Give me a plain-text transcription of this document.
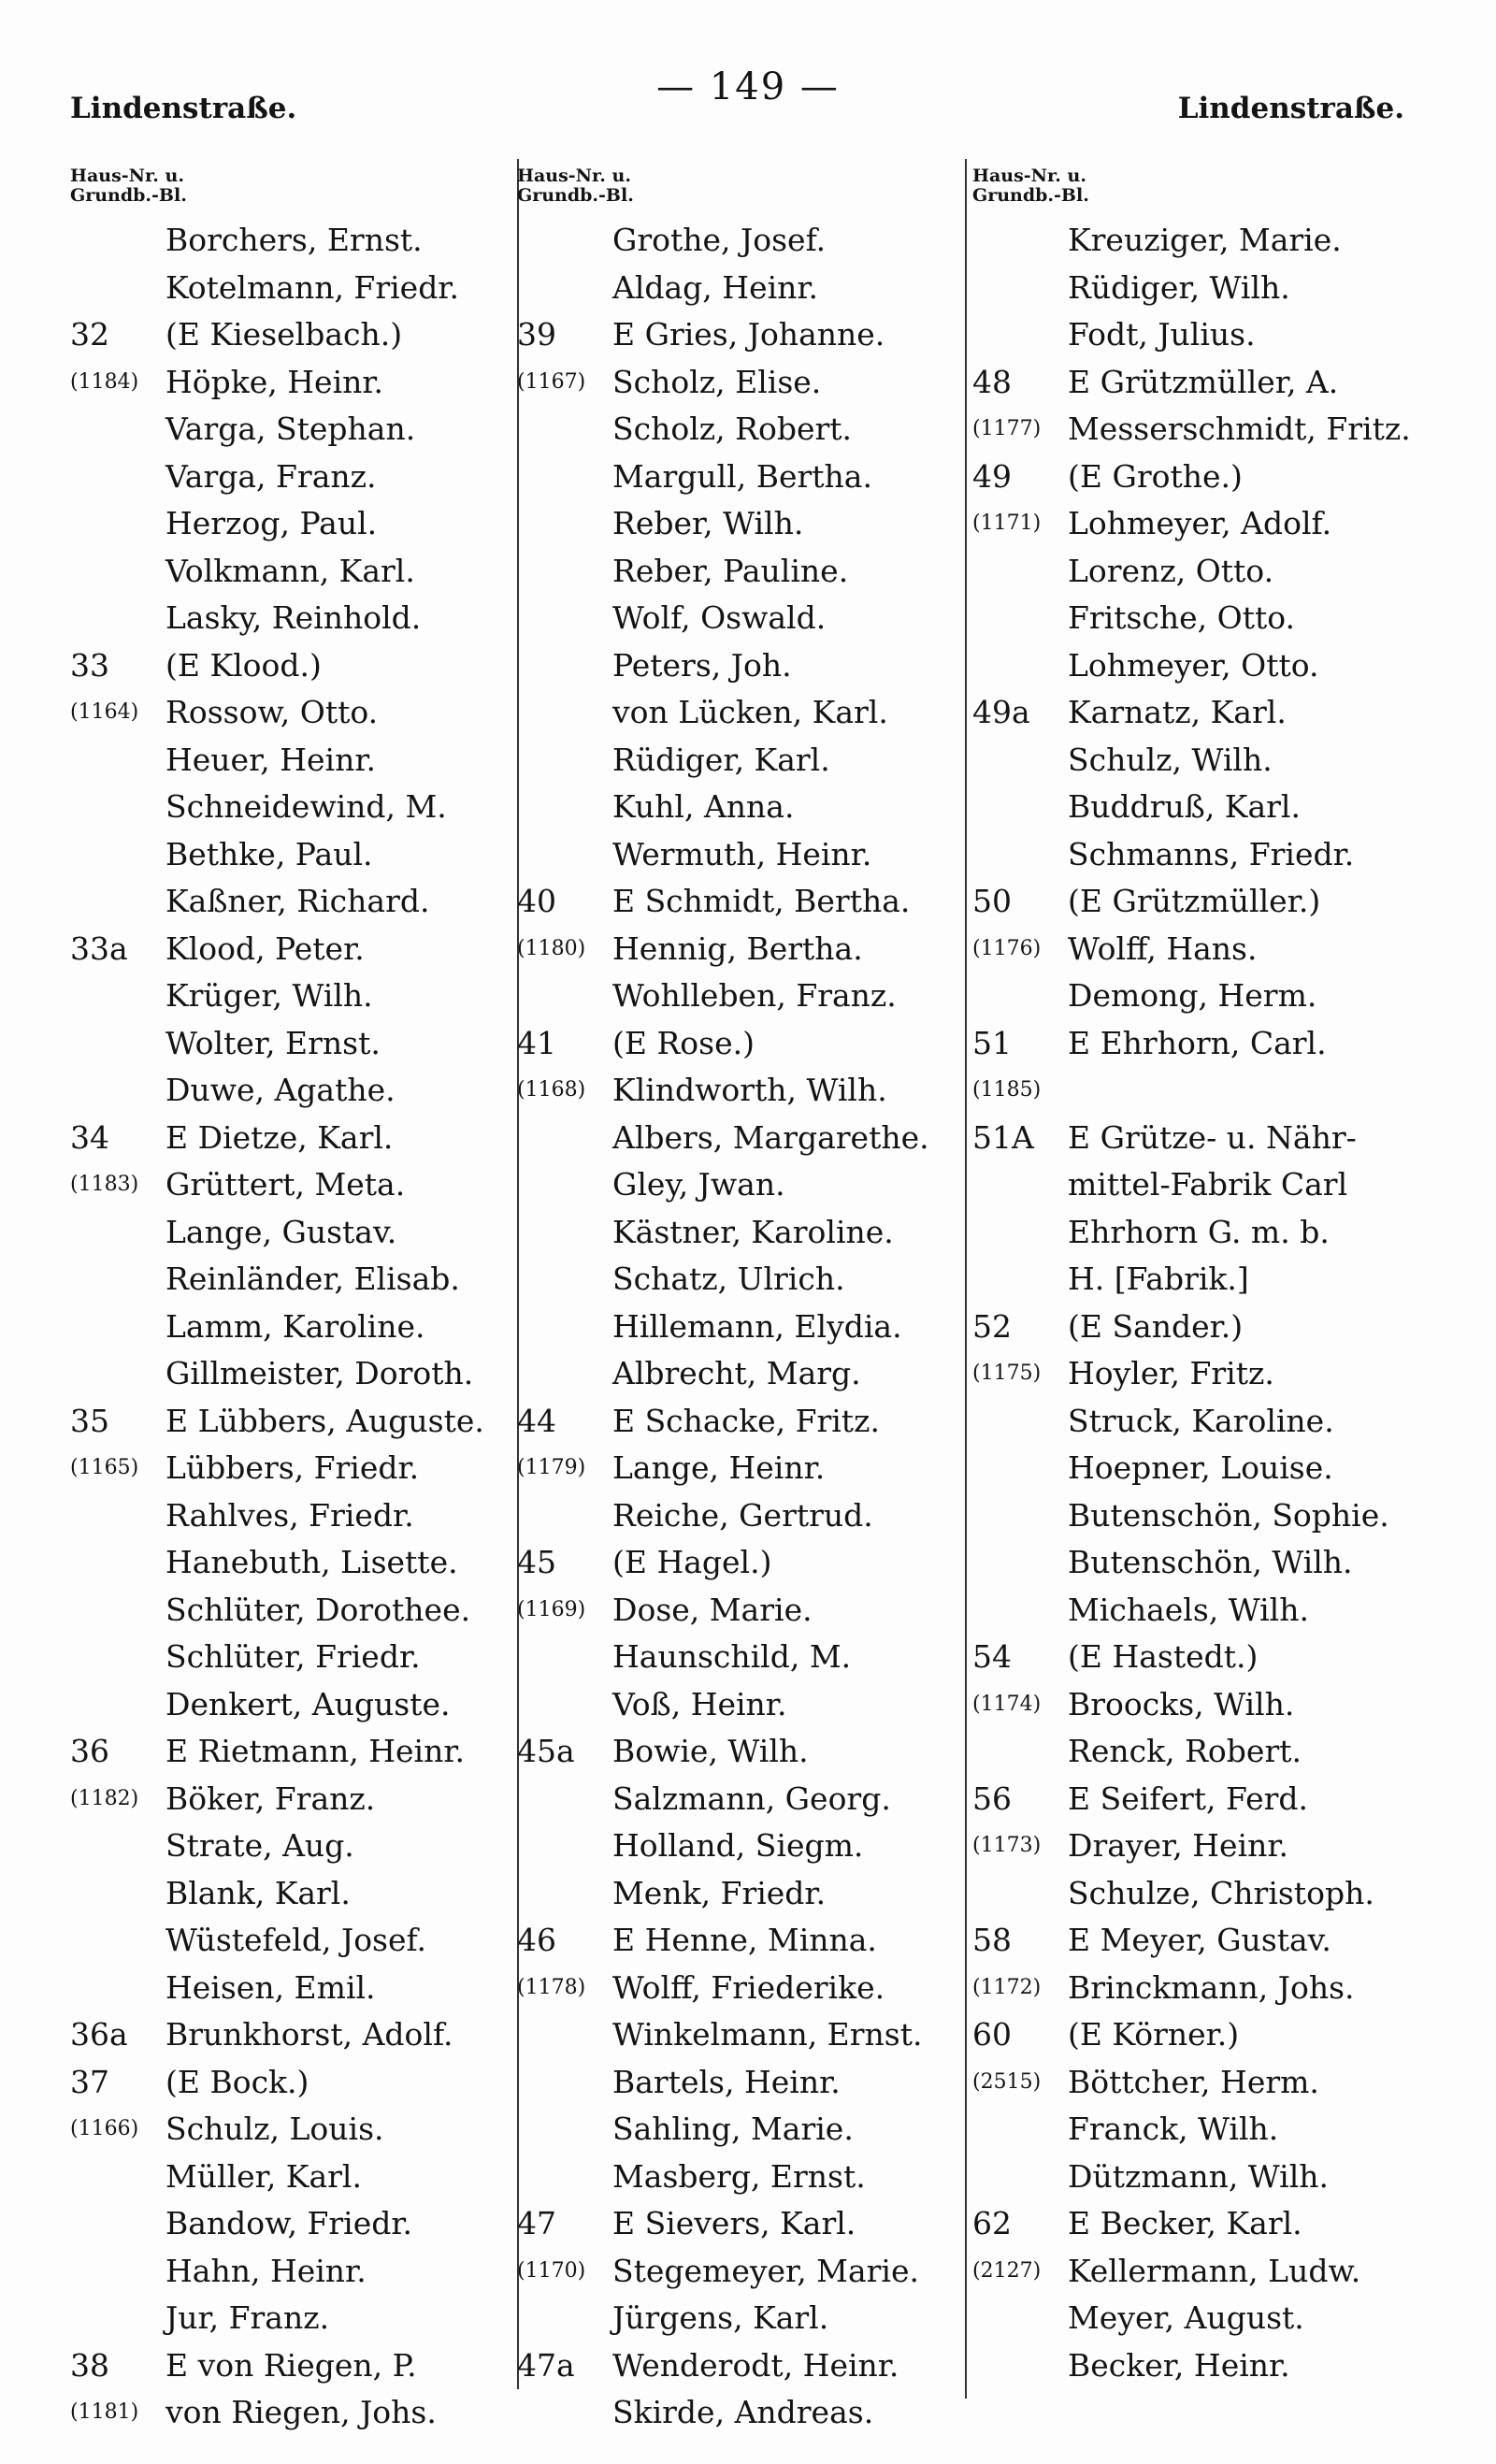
Lindenstraße.	— 149 —	Lindenstraße.
Haus-Nr. u.
Grundb.-Bl.
Borchers, Ernst.
Kotelmann, Friedr.
32 (E Kieselbach.)
(1184) Höpke, Heinr.
Varga, Stephan.
Varga, Franz.
Herzog, Paul.
Volkmann, Karl.
Lasky, Reinhold.
33 (E Klood.)
(1164) Rossow, Otto.
Heuer, Heinr.
Schneidewind, M.
Bethke, Paul.
Kaßner, Richard.
33a Klood, Peter.
Krüger, Wilh.
Wolter, Ernst.
Duwe, Agathe.
34 E Dietze, Karl.
(1183) Grüttert, Meta.
Lange, Gustav.
Reinländer, Elisab.
Lamm, Karoline.
Gillmeister, Doroth.
35 E Lübbers, Auguste.
(1165) Lübbers, Friedr.
Rahlves, Friedr.
Hanebuth, Lisette.
Schlüter, Dorothee.
Schlüter, Friedr.
Denkert, Auguste.
36 E Rietmann, Heinr.
(1182) Böker, Franz.
Strate, Aug.
Blank, Karl.
Wüstefeld, Josef.
Heisen, Emil.
36a Brunkhorst, Adolf.
37 (E Bock.)
(1166) Schulz, Louis.
Müller, Karl.
Bandow, Friedr.
Hahn, Heinr.
Jur, Franz.
38 E von Riegen, P.
(1181) von Riegen, Johs.
Haus-Nr. u.
Grundb.-Bl.
Grothe, Josef.
Aldag, Heinr.
39 E Gries, Johanne.
(1167) Scholz, Elise.
Scholz, Robert.
Margull, Bertha.
Reber, Wilh.
Reber, Pauline.
Wolf, Oswald.
Peters, Joh.
von Lücken, Karl.
Rüdiger, Karl.
Kuhl, Anna.
Wermuth, Heinr.
40 E Schmidt, Bertha.
(1180) Hennig, Bertha.
Wohlleben, Franz.
41 (E Rose.)
(1168) Klindworth, Wilh.
Albers, Margarethe.
Gley, Jwan.
Kästner, Karoline.
Schatz, Ulrich.
Hillemann, Elydia.
Albrecht, Marg.
44 E Schacke, Fritz.
(1179) Lange, Heinr.
Reiche, Gertrud.
45 (E Hagel.)
(1169) Dose, Marie.
Haunschild, M.
Voß, Heinr.
45a Bowie, Wilh.
Salzmann, Georg.
Holland, Siegm.
Menk, Friedr.
46 E Henne, Minna.
(1178) Wolff, Friederike.
Winkelmann, Ernst.
Bartels, Heinr.
Sahling, Marie.
Masberg, Ernst.
47 E Sievers, Karl.
(1170) Stegemeyer, Marie.
Jürgens, Karl.
47a Wenderodt, Heinr.
Skirde, Andreas.
Haus-Nr. u.
Grundb.-Bl.
Kreuziger, Marie.
Rüdiger, Wilh.
Fodt, Julius.
48 E Grützmüller, A.
(1177) Messerschmidt, Fritz.
49 (E Grothe.)
(1171) Lohmeyer, Adolf.
Lorenz, Otto.
Fritsche, Otto.
Lohmeyer, Otto.
49a Karnatz, Karl.
Schulz, Wilh.
Buddruß, Karl.
Schmanns, Friedr.
50 (E Grützmüller.)
(1176) Wolff, Hans.
Demong, Herm.
51 E Ehrhorn, Carl.
(1185)
51A E Grütze- u. Nähr-
mittel-Fabrik Carl
Ehrhorn G. m. b.
H. [Fabrik.]
52 (E Sander.)
(1175) Hoyler, Fritz.
Struck, Karoline.
Hoepner, Louise.
Butenschön, Sophie.
Butenschön, Wilh.
Michaels, Wilh.
54 (E Hastedt.)
(1174) Broocks, Wilh.
Renck, Robert.
56 E Seifert, Ferd.
(1173) Drayer, Heinr.
Schulze, Christoph.
58 E Meyer, Gustav.
(1172) Brinckmann, Johs.
60 (E Körner.)
(2515) Böttcher, Herm.
Franck, Wilh.
Dützmann, Wilh.
62 E Becker, Karl.
(2127) Kellermann, Ludw.
Meyer, August.
Becker, Heinr.
